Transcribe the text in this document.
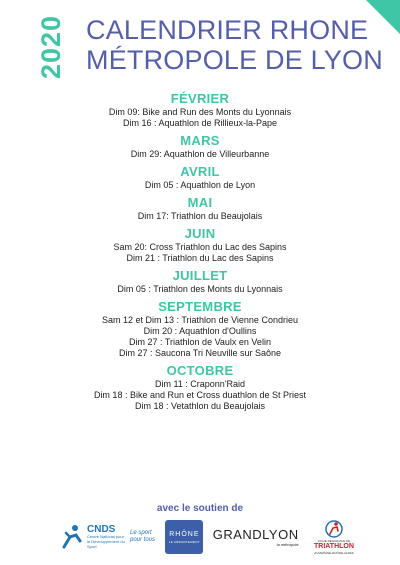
2020 CALENDRIER RHONE
MÉTROPOLE DE LYON
FÉVRIER
Dim 09: Bike and Run des Monts du Lyonnais
Dim 16 : Aquathlon de Rillieux-la-Pape
MARS
Dim 29: Aquathlon de Villeurbanne
AVRIL
Dim 05 : Aquathlon de Lyon
MAI
Dim 17: Triathlon du Beaujolais
JUIN
Sam 20: Cross Triathlon du Lac des Sapins
Dim 21 : Triathlon du Lac des Sapins
JUILLET
Dim 05 : Triathlon des Monts du Lyonnais
SEPTEMBRE
Sam 12 et Dim 13 : Triathlon de Vienne Condrieu
Dim 20 : Aquathlon d'Oullins
Dim 27 : Triathlon de Vaulx en Velin
Dim 27 : Saucona Tri Neuville sur Saône
OCTOBRE
Dim 11 : Craponn'Raid
Dim 18 : Bike and Run et Cross duathlon de St Priest
Dim 18 : Vetathlon du Beaujolais
avec le soutien de
CNDS
Centre National pour le Développement du Sport
Le sport pour tous
RHÔNE
LE DÉPARTEMENT GRANDLYON
la métropole
LIGUE RÉGIONALE DE
TRIATHLON
AUVERGNE-RHÔNE-ALPES
